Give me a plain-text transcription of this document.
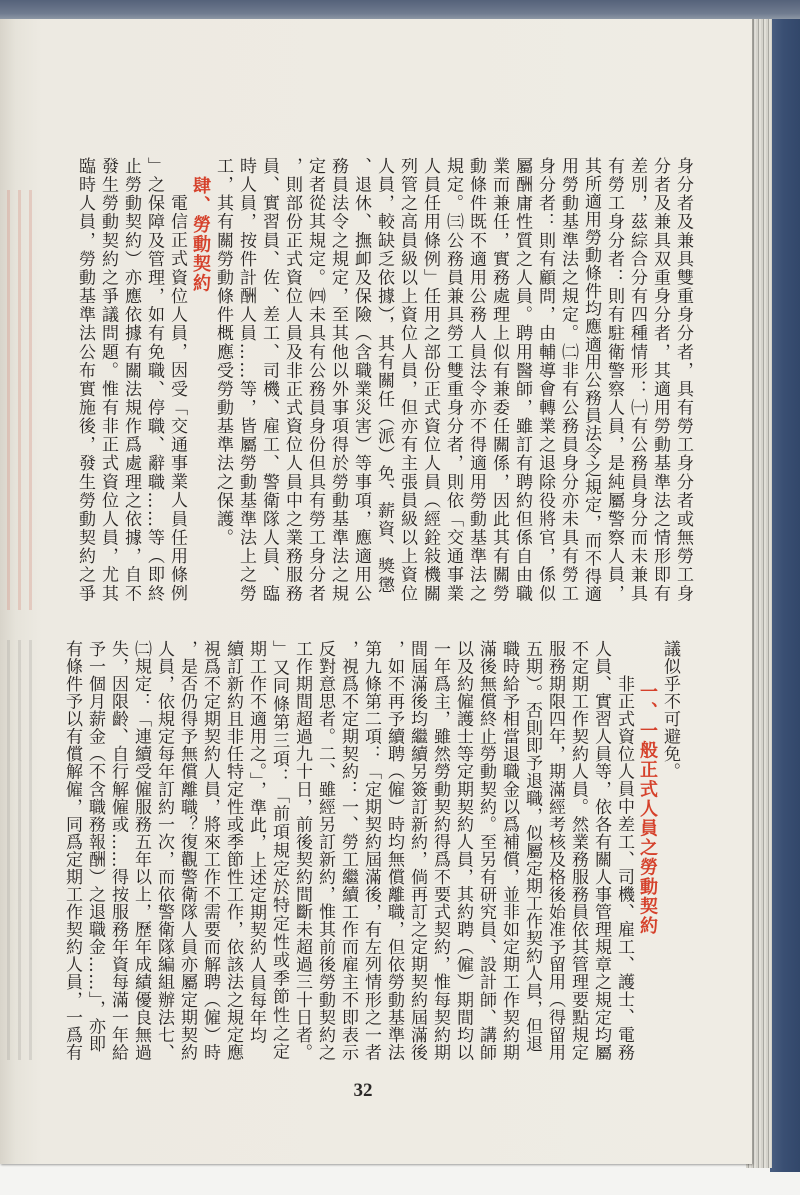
身分者及兼具雙重身分者，具有勞工身分者或無勞工身
分者及兼具双重身分者，其適用勞動基準法之情形即有
差別，茲綜合分有四種情形：㈠有公務員身分而未兼具
有勞工身分者：則有駐衛警察人員，是純屬警察人員，
其所適用勞動條件均應適用公務員法令之規定，而不得適
用勞動基準法之規定。㈡非有公務員身分亦未具有勞工
身分者：則有顧問，由輔導會轉業之退除役將官，係似
屬酬庸性質之人員。聘用醫師，雖訂有聘約但係自由職
業而兼任，實務處理上似有兼委任關係，因此其有關勞
動條件既不適用公務人員法令亦不得適用勞動基準法之
規定。㈢公務員兼具勞工雙重身分者，則依「交通事業
人員任用條例」任用之部份正式資位人員（經銓敍機關
列管之高員級以上資位人員，但亦有主張員級以上資位
人員，較缺乏依據），其有關任（派）免、薪資、獎懲
、退休、撫卹及保險（含職業災害）等事項，應適用公
務員法令之規定，至其他以外事項得於勞動基準法之規
定者從其規定。㈣未具有公務員身份但具有勞工身分者
，則部份正式資位人員及非正式資位人員中之業務服務
員、實習員、佐、差工、司機、雇工、警衛隊人員、臨
時人員，按件計酬人員……等，皆屬勞動基準法上之勞
工，其有關勞動條件概應受勞動基準法之保護。
肆、勞動契約
電信正式資位人員，因受「交通事業人員任用條例
」之保障及管理，如有免職、停職、辭職……等（即終
止勞動契約）亦應依據有關法規作爲處理之依據，自不
發生勞動契約之爭議問題。惟有非正式資位人員，尤其
臨時人員，勞動基準法公布實施後，發生勞動契約之爭
議似乎不可避免。
一、一般正式人員之勞動契約
非正式資位人員中差工、司機、雇工、護士、電務
人員、實習人員等，依各有關人事管理規章之規定均屬
不定期工作契約人員。然業務服務員依其管理要點規定
服務期限四年，期滿經考核及格後始准予留用（得留用
五期）。否則即予退職，似屬定期工作契約人員，但退
職時給予相當退職金以爲補償，並非如定期工作契約期
滿後無償終止勞動契約。至另有研究員、設計師、講師
以及約僱護士等定期契約人員，其約聘（僱）期間均以
一年爲主，雖然勞動契約得爲不要式契約，惟每契約期
間屆滿後均繼續另簽訂新約，倘再訂之定期契約屆滿後
，如不再予續聘（僱）時均無償離職，但依勞動基準法
第九條第二項：「定期契約屆滿後，有左列情形之一者
，視爲不定期契約：一、勞工繼續工作而雇主不即表示
反對意思者。二、雖經另訂新約，惟其前後勞動契約之
工作期間超過九十日，前後契約間斷未超過三十日者。
」又同條第三項：「前項規定於特定性或季節性之定
期工作不適用之。」，準此，上述定期契約人員每年均
續訂新約且非任特定性或季節性工作，依該法之規定應
視爲不定期契約人員，將來工作不需要而解聘（僱）時
，是否仍得予無償離職？復觀警衛隊人員亦屬定期契約
人員，依規定每年訂約一次，而依警衛隊編組辦法七、
㈡規定：「連續受僱服務五年以上，歷年成績優良無過
失，因限齡、自行解僱或……得按服務年資每滿一年給
予一個月薪金（不含職務報酬）之退職金……」，亦即
有條件予以有償解僱，同爲定期工作契約人員，一爲有
32
